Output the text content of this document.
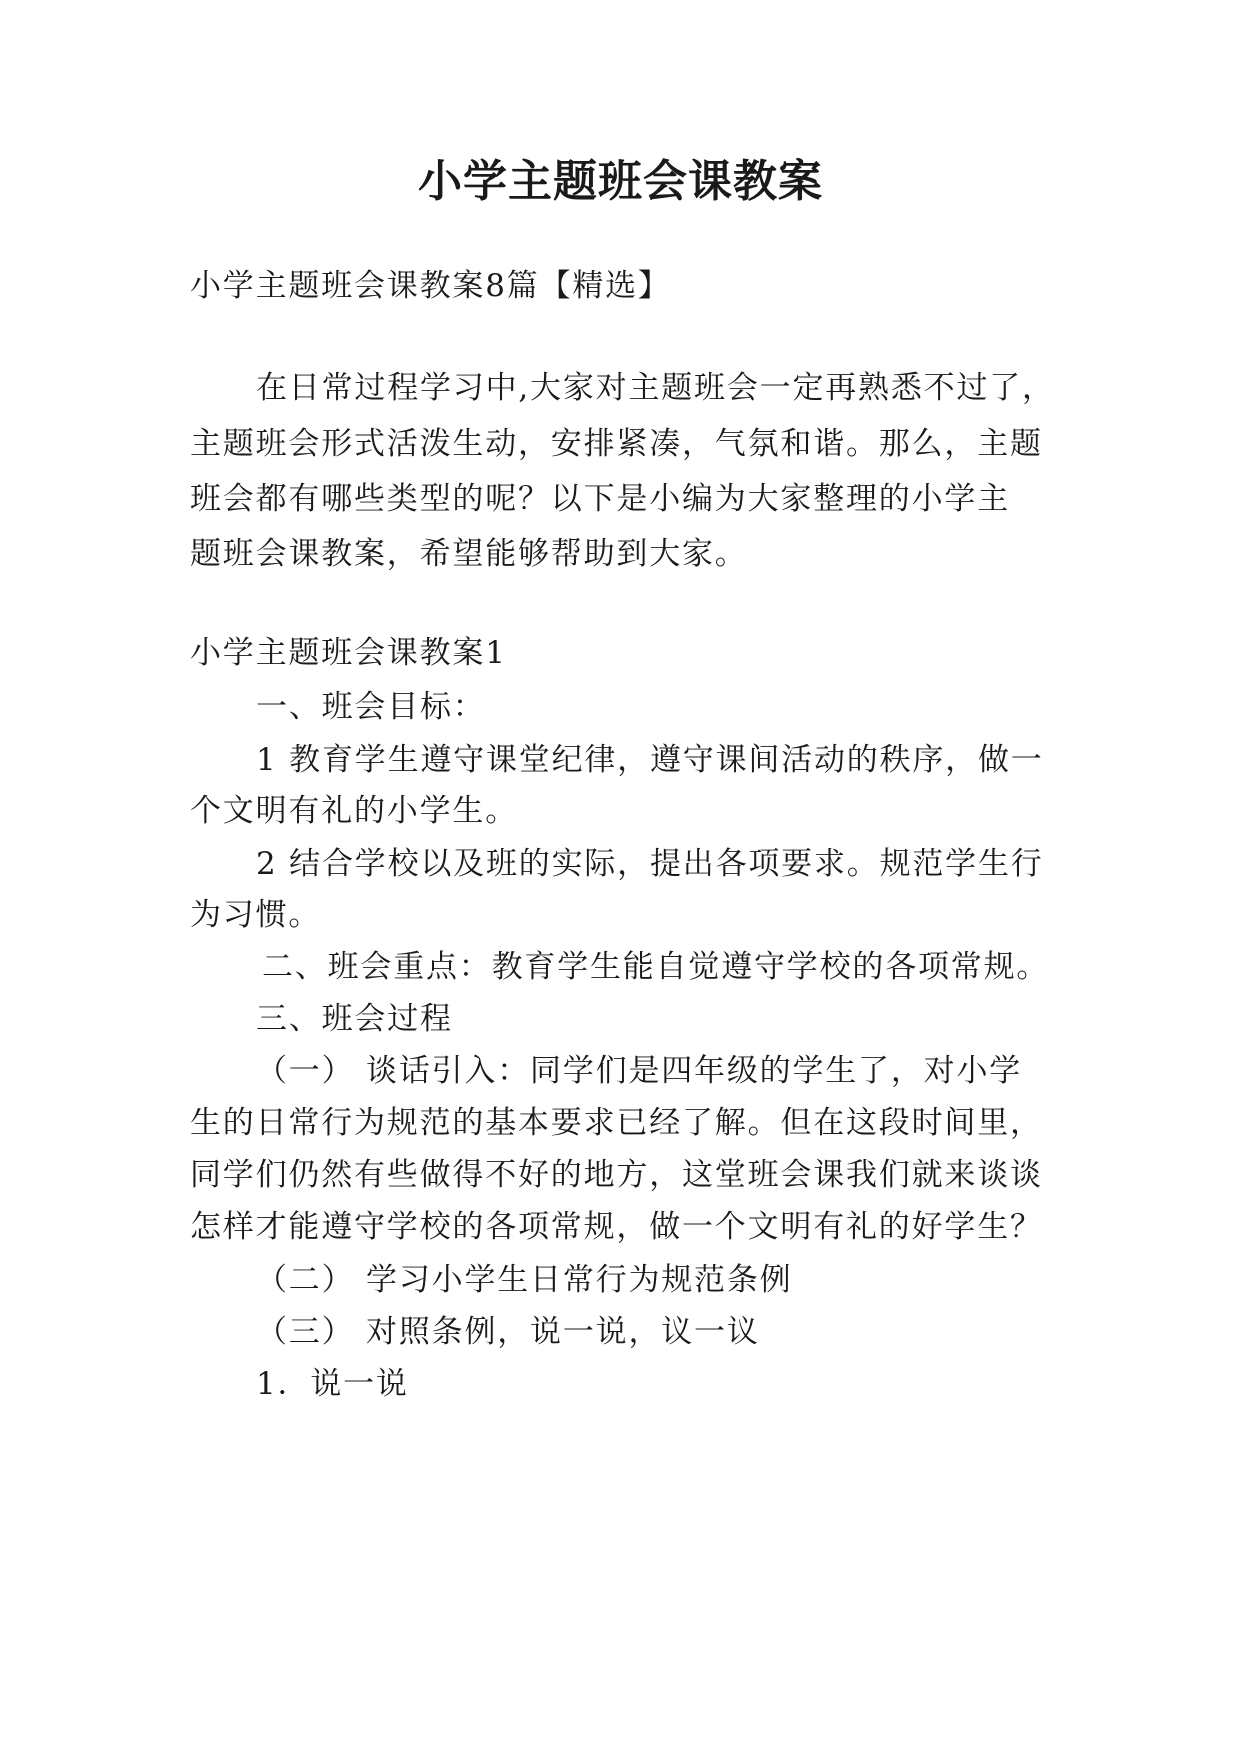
小学主题班会课教案

小学主题班会课教案8篇【精选】

在日常过程学习中,大家对主题班会一定再熟悉不过了，

主题班会形式活泼生动，安排紧凑，气氛和谐。那么，主题

班会都有哪些类型的呢？以下是小编为大家整理的小学主

题班会课教案，希望能够帮助到大家。

小学主题班会课教案1

一、班会目标：

1 教育学生遵守课堂纪律，遵守课间活动的秩序，做一

个文明有礼的小学生。

2 结合学校以及班的实际，提出各项要求。规范学生行

为习惯。

二、班会重点：教育学生能自觉遵守学校的各项常规。

三、班会过程

（一） 谈话引入：同学们是四年级的学生了，对小学

生的日常行为规范的基本要求已经了解。但在这段时间里，

同学们仍然有些做得不好的地方，这堂班会课我们就来谈谈

怎样才能遵守学校的各项常规，做一个文明有礼的好学生？

（二） 学习小学生日常行为规范条例

（三） 对照条例，说一说，议一议

1．说一说
